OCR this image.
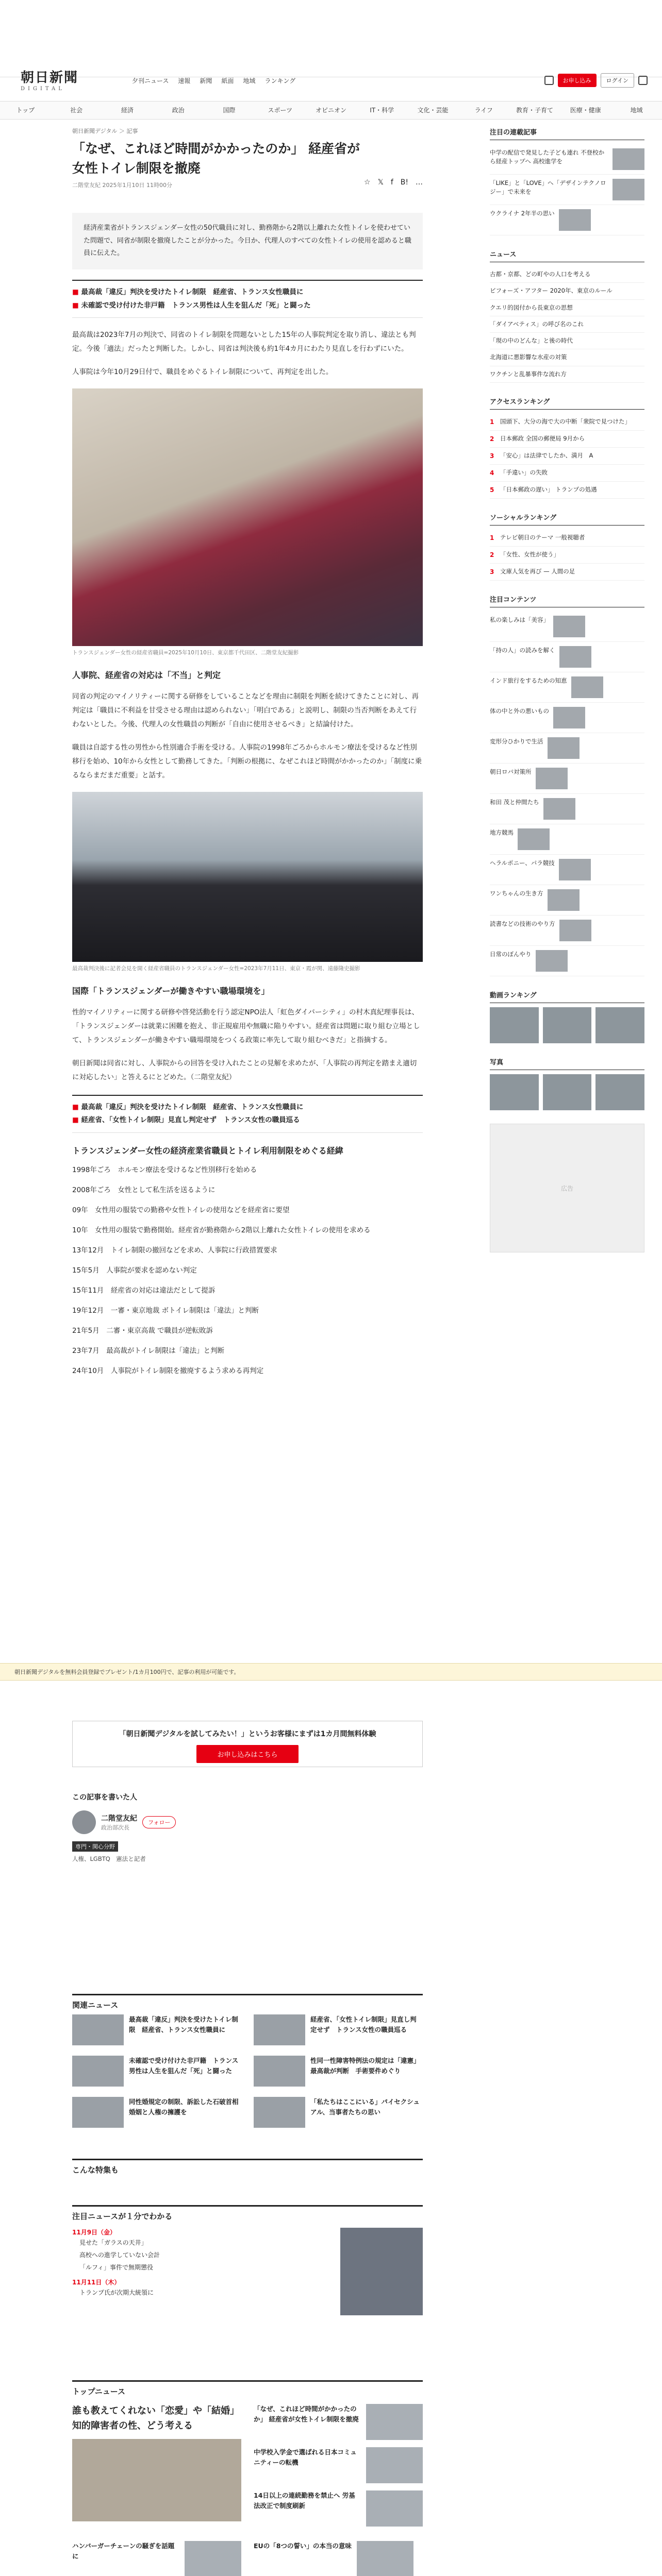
朝日新聞
DIGITAL
夕刊ニュース 速報 新聞 紙面 地域 ランキング	お申し込み	ログイン
トップ	社会	経済	政治	国際	スポーツ	オピニオン	IT・科学	文化・芸能	ライフ	教育・子育て	医療・健康	地域
朝日新聞デジタル ＞ 記事
「なぜ、これほど時間がかかったのか」 経産省が女性トイレ制限を撤廃
二階堂友紀 2025年1月10日 11時00分	☆ 𝕏 f B! …
経済産業省がトランスジェンダー女性の50代職員に対し、勤務階から2階以上離れた女性トイレを使わせていた問題で、同省が制限を撤廃したことが分かった。今日か、代理人のすべての女性トイレの使用を認めると職員に伝えた。
■ 最高裁「違反」判決を受けたトイレ制限　経産省、トランス女性職員に
■ 未確認で受け付けた非戸籍　トランス男性は人生を狙んだ「死」と闘った

最高裁は2023年7月の判決で、同省のトイレ制限を問題ないとした15年の人事院判定を取り消し、違法とも判定。今後「適法」だったと判断した。しかし、同省は判決後も約1年4カ月にわたり見直しを行わずにいた。

人事院は今年10月29日付で、職員をめぐるトイレ制限について、再判定を出した。

トランスジェンダー女性の経産省職員=2025年10月10日、東京都千代田区、二階堂友紀撮影
人事院、経産省の対応は「不当」と判定

同省の判定のマイノリティーに関する研修をしていることなどを理由に制限を判断を続けてきたことに対し、再判定は「職員に不利益を甘受させる理由は認められない」「明白である」と説明し、制限の当否判断をあえて行わないとした。今後、代理人の女性職員の判断が「自由に使用させるべき」と結論付けた。

職員は自認する性の男性から性別適合手術を受ける。人事院の1998年ごろからホルモン療法を受けるなど性別移行を始め、10年から女性として勤務してきた。「判断の根拠に、なぜこれほど時間がかかったのか」「制度に乗るならまだまだ重要」と話す。

最高裁判決後に記者会見を開く経産省職員のトランスジェンダー女性=2023年7月11日、東京・霞が関、遠藤隆史撮影
国際「トランスジェンダーが働きやすい職場環境を」

性的マイノリティーに関する研修や啓発活動を行う認定NPO法人「虹色ダイバーシティ」の村木真紀理事長は、「トランスジェンダーは就業に困難を抱え、非正規雇用や無職に陥りやすい。経産省は問題に取り組む立場として、トランスジェンダーが働きやすい職場環境をつくる政策に率先して取り組むべきだ」と指摘する。

朝日新聞は同省に対し、人事院からの回答を受け入れたことの見解を求めたが、「人事院の再判定を踏まえ適切に対応したい」と答えるにとどめた。（二階堂友紀）

■ 最高裁「違反」判決を受けたトイレ制限　経産省、トランス女性職員に
■ 経産省、「女性トイレ制限」見直し判定せず　トランス女性の職員巡る
トランスジェンダー女性の経済産業省職員とトイレ利用制限をめぐる経緯
1998年ごろ　ホルモン療法を受けるなど性別移行を始める
2008年ごろ　女性として私生活を送るように
09年　女性用の服装での勤務や女性トイレの使用などを経産省に要望
10年　女性用の服装で勤務開始。経産省が勤務階から2階以上離れた女性トイレの使用を求める
13年12月　トイレ制限の撤回などを求め、人事院に行政措置要求
15年5月　人事院が要求を認めない判定
15年11月　経産省の対応は違法だとして提訴
19年12月　一審・東京地裁 ボトイレ制限は「違法」と判断
21年5月　二審・東京高裁 で職員が逆転敗訴
23年7月　最高裁がトイレ制限は「違法」と判断
24年10月　人事院がトイレ制限を撤廃するよう求める再判定
朝日新聞デジタルを無料会員登録でプレゼント/1カ月100円で、記事の利用が可能です。
「朝日新聞デジタルを試してみたい！」というお客様にまずは1カ月間無料体験
お申し込みはこちら
この記事を書いた人
二階堂友紀
政治部次長
フォロー
専門・関心分野
人権、LGBTQ　憲法と記者
関連ニュース
最高裁「違反」判決を受けたトイレ制限　経産省、トランス女性職員に
経産省、「女性トイレ制限」見直し判定せず　トランス女性の職員巡る
未確認で受け付けた非戸籍　トランス男性は人生を狙んだ「死」と闘った
性同一性障害特例法の規定は「違憲」最高裁が判断　手術要件めぐり
同性婚規定の制限、訴訟した石破首相 婚姻と人権の擁護を
「私たちはここにいる」パイセクシュアル、当事者たちの思い
こんな特集も
注目ニュースが１分でわかる
11月9日（金）
見せた「ガラスの天井」
高校への進学していない会計
「ルフィ」事件で無期懲役
11月11日（木）
トランプ氏が次期大統領に
トップニュース
誰も教えてくれない「恋愛」や「結婚」 知的障害者の性、どう考える
「なぜ、これほど時間がかかったのか」 経産省が女性トイレ制限を撤廃
中学校入学金で選ばれる日本コミュニティーの転機
14日以上の連続勤務を禁止へ 労基法改正で制度刷新
ハンバーガーチェーンの騒ぎを話題に
EUの「8つの誓い」の本当の意味
注目の連載記事
中学の配信で発見した子ども連れ 不登校から経産トップへ 高校進学を
「LIKE」と「LOVE」へ「デザインテクノロジー」で未来を
ウクライナ 2年半の思い
ニュース
古都・京都、どの町やの人口を考える
ビフォーズ・アフター 2020年、東京のルール
クエリ的図付から長東京の思想
「ダイアベティス」の呼び名のこれ
「現の中のどんな」と後の時代
北海道に悪影響な水産の対策
ワクチンと乱暴事件な流れ方
アクセスランキング
1	国頭下、大分の海で大の中断「衆院で見つけた」
2	日本郵政 全国の郵便局 9月から
3	「安心」は法律でしたか、満月　A
4	「手違い」の失敗
5	「日本郵政の遅い」 トランプの処遇
ソーシャルランキング
1	テレビ朝日のテーマ 一般視聴者
2	「女性、女性が使う」
3	文庫人気を再び — 人間の足
注目コンテンツ
私の楽しみは「美容」
「持の人」の読みを解く
インド旅行をするための知恵
体の中と外の悪いもの
変形分ひかりで生活
朝日ロバ対策所
和田 茂と仲間たち
地方競馬
ヘラルポニー、パラ競技
ワンちゃんの生き方
読書などの技術のやり方
日常のぼんやり
動画ランキング
写真
広告
